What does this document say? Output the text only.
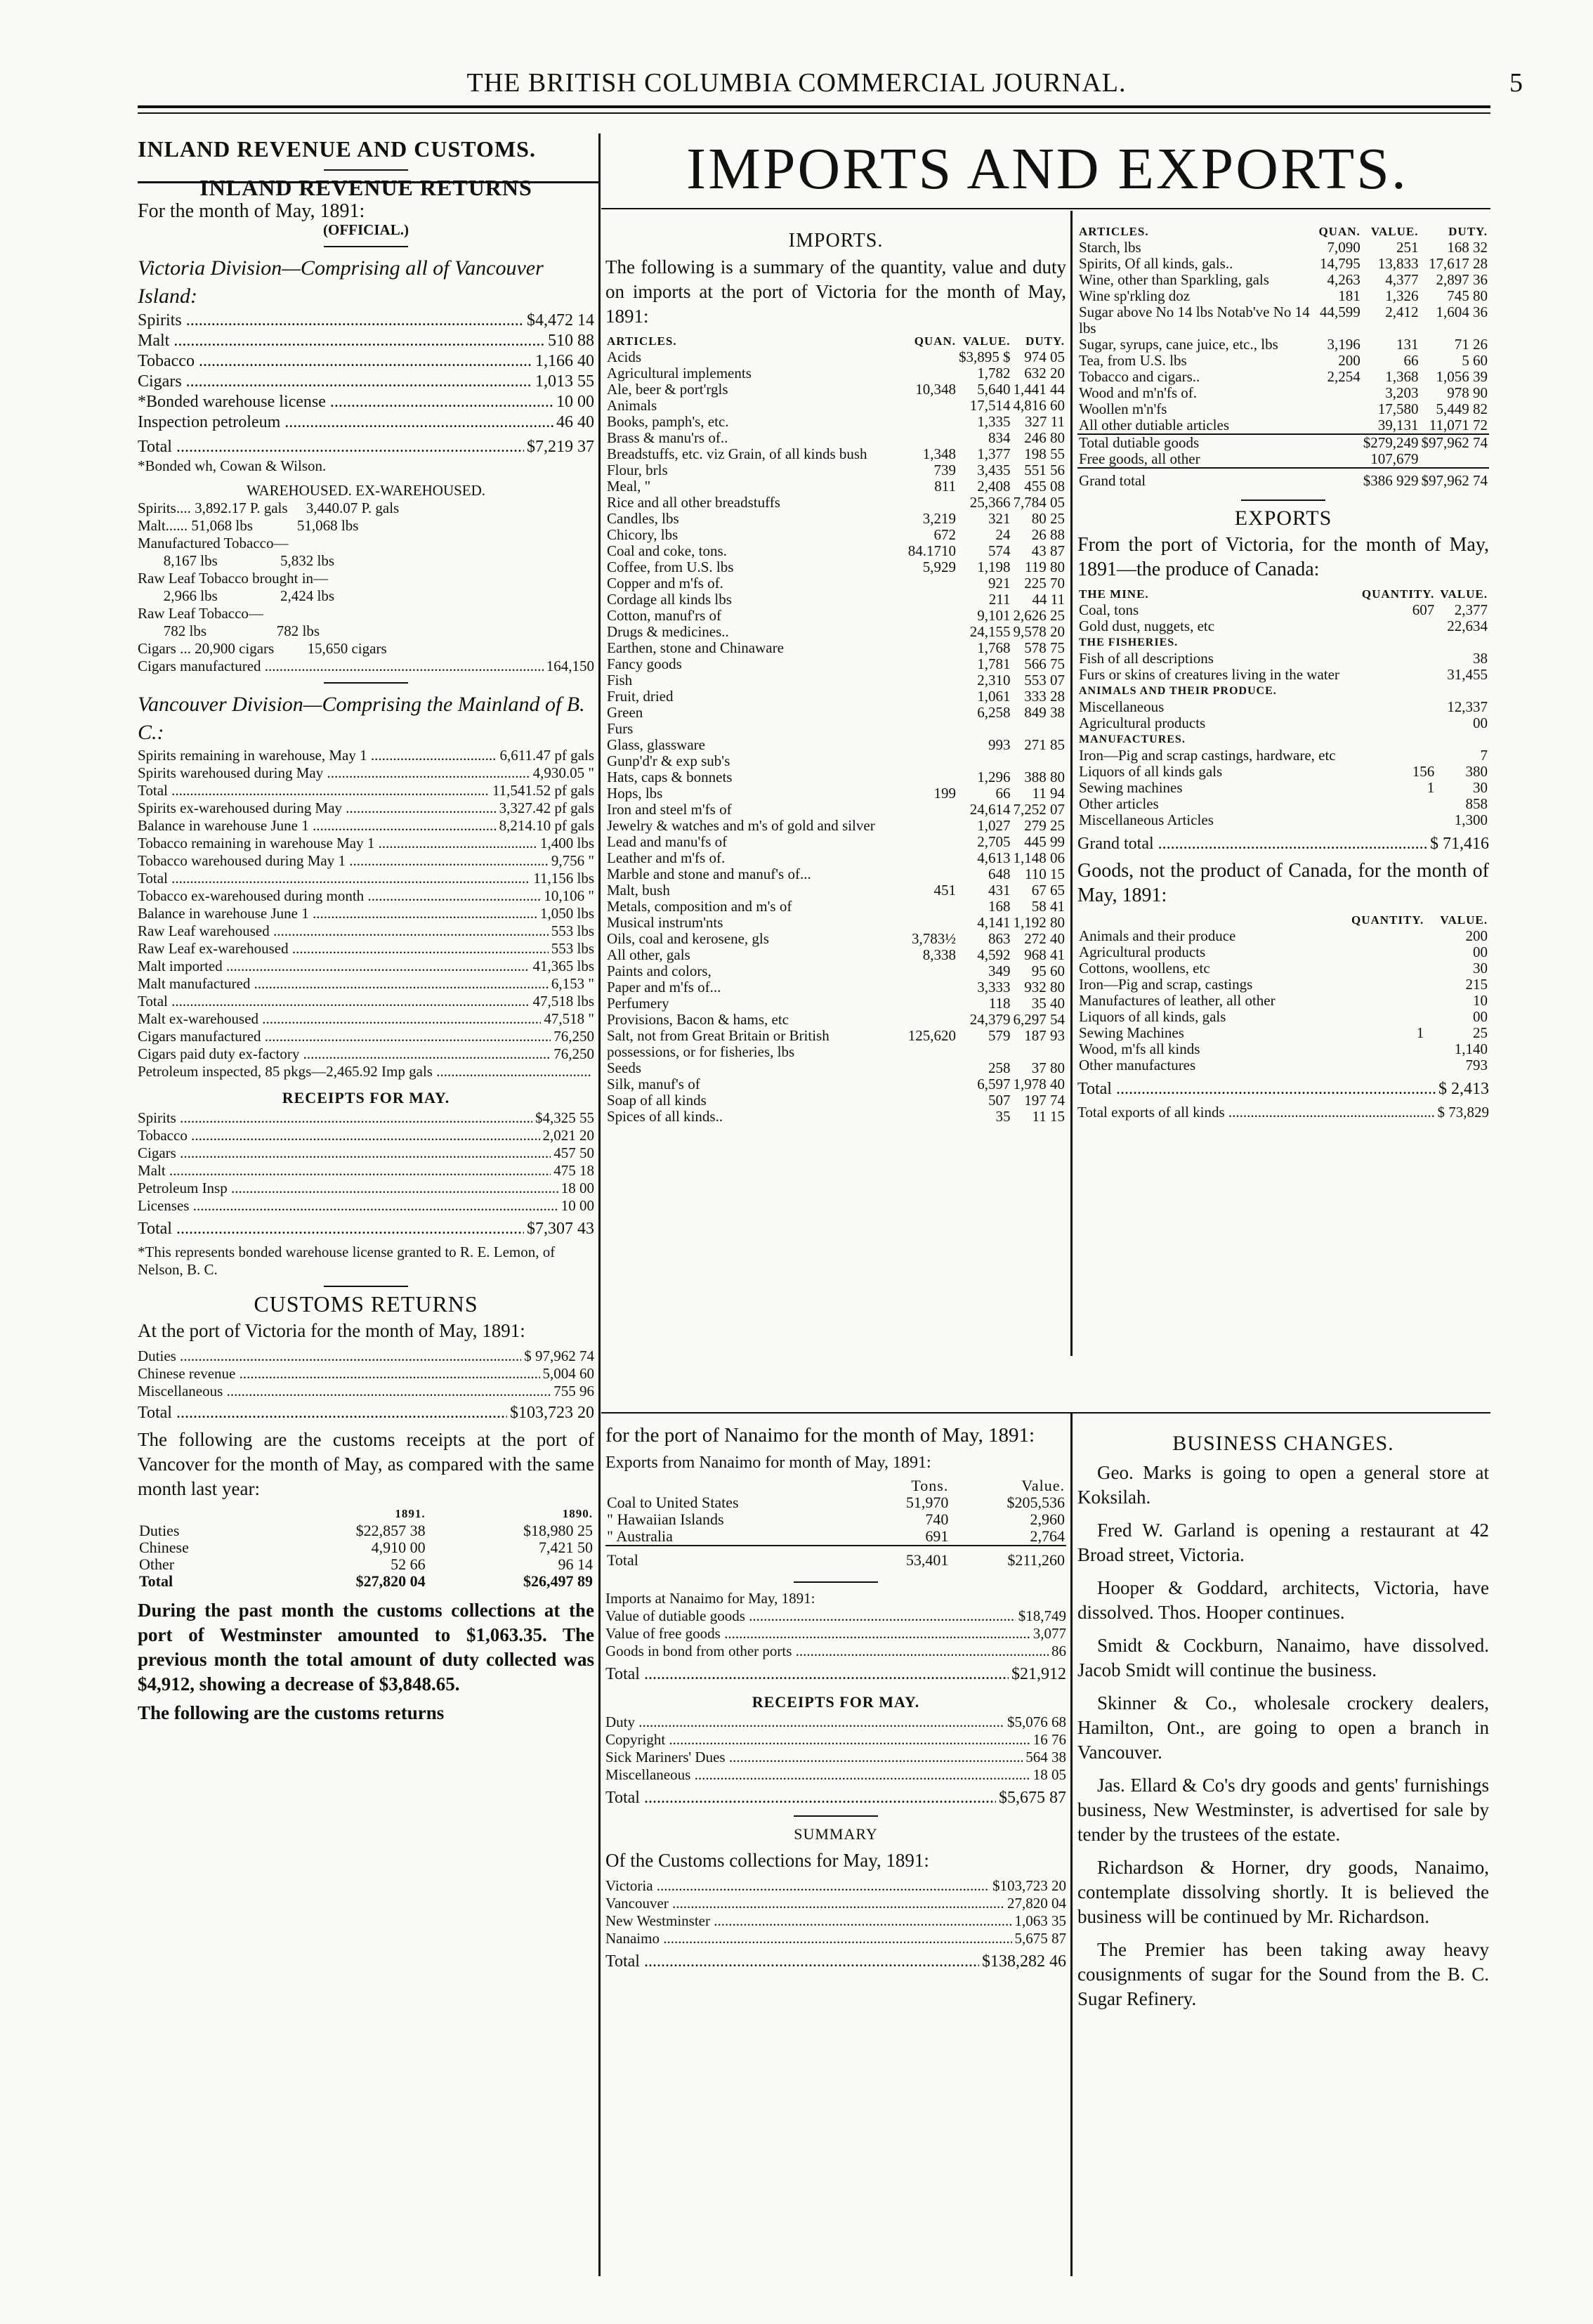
THE BRITISH COLUMBIA COMMERCIAL JOURNAL.	5
IMPORTS AND EXPORTS.
INLAND REVENUE AND CUSTOMS.
INLAND REVENUE RETURNS
For the month of May, 1891:
(OFFICIAL.)
Victoria Division—Comprising all of Vancouver Island:
Spirits .....	$4,472 14
Malt .....	510 88
Tobacco .....	1,166 40
Cigars .....	1,013 55
*Bonded warehouse license .....	10 00
Inspection petroleum .....	46 40
Total .....	$7,219 37
*Bonded wh, Cowan & Wilson.
WAREHOUSED. EX-WAREHOUSED.
Spirits.... 3,892.17 P. gals     3,440.07 P. gals
Malt...... 51,068 lbs            51,068 lbs
Manufactured Tobacco—
8,167 lbs                 5,832 lbs
Raw Leaf Tobacco brought in—
2,966 lbs                 2,424 lbs
Raw Leaf Tobacco—
782 lbs                   782 lbs
Cigars ... 20,900 cigars         15,650 cigars
Cigars manufactured .....	164,150
Vancouver Division—Comprising the Mainland of B. C.:
Spirits remaining in warehouse, May 1 .....	6,611.47 pf gals
Spirits warehoused during May .....	4,930.05 "
Total .....	11,541.52 pf gals
Spirits ex-warehoused during May .....	3,327.42 pf gals
Balance in warehouse June 1 .....	8,214.10 pf gals
Tobacco remaining in warehouse May 1 .....	1,400 lbs
Tobacco warehoused during May 1 .....	9,756 "
Total .....	11,156 lbs
Tobacco ex-warehoused during month .....	10,106 "
Balance in warehouse June 1 .....	1,050 lbs
Raw Leaf warehoused .....	553 lbs
Raw Leaf ex-warehoused .....	553 lbs
Malt imported .....	41,365 lbs
Malt manufactured .....	6,153 "
Total .....	47,518 lbs
Malt ex-warehoused .....	47,518 "
Cigars manufactured .....	76,250
Cigars paid duty ex-factory .....	76,250
Petroleum inspected, 85 pkgs—2,465.92 Imp gals .....
RECEIPTS FOR MAY.
Spirits .....	$4,325 55
Tobacco .....	2,021 20
Cigars .....	457 50
Malt .....	475 18
Petroleum Insp .....	18 00
Licenses .....	10 00
Total .....	$7,307 43
*This represents bonded warehouse license granted to R. E. Lemon, of Nelson, B. C.
CUSTOMS RETURNS

At the port of Victoria for the month of May, 1891:

Duties .....	$ 97,962 74
Chinese revenue .....	5,004 60
Miscellaneous .....	755 96
Total .....	$103,723 20

The following are the customs receipts at the port of Vancover for the month of May, as compared with the same month last year:

	1891.	1890.
Duties	$22,857 38	$18,980 25
Chinese	4,910 00	7,421 50
Other	52 66	96 14
Total	$27,820 04	$26,497 89

During the past month the customs collections at the port of Westminster amounted to $1,063.35. The previous month the total amount of duty collected was $4,912, showing a decrease of $3,848.65.

The following are the customs returns

IMPORTS.

The following is a summary of the quantity, value and duty on imports at the port of Victoria for the month of May, 1891:

ARTICLES.	QUAN.	VALUE.	DUTY.
Acids		$3,895 $	974 05
Agricultural implements		1,782	632 20
Ale, beer & port'rgls	10,348	5,640	1,441 44
Animals		17,514	4,816 60
Books, pamph's, etc.		1,335	327 11
Brass & manu'rs of..		834	246 80
Breadstuffs, etc. viz Grain, of all kinds bush	1,348	1,377	198 55
Flour, brls	739	3,435	551 56
Meal, "	811	2,408	455 08
Rice and all other breadstuffs		25,366	7,784 05
Candles, lbs	3,219	321	80 25
Chicory, lbs	672	24	26 88
Coal and coke, tons.	84.1710	574	43 87
Coffee, from U.S. lbs	5,929	1,198	119 80
Copper and m'fs of.		921	225 70
Cordage all kinds lbs		211	44 11
Cotton, manuf'rs of		9,101	2,626 25
Drugs & medicines..		24,155	9,578 20
Earthen, stone and Chinaware		1,768	578 75
Fancy goods		1,781	566 75
Fish		2,310	553 07
Fruit, dried		1,061	333 28
Green		6,258	849 38
Furs			
Glass, glassware		993	271 85
Gunp'd'r & exp sub's			
Hats, caps & bonnets		1,296	388 80
Hops, lbs	199	66	11 94
Iron and steel m'fs of		24,614	7,252 07
Jewelry & watches and m's of gold and silver		1,027	279 25
Lead and manu'fs of		2,705	445 99
Leather and m'fs of.		4,613	1,148 06
Marble and stone and manuf's of...		648	110 15
Malt, bush	451	431	67 65
Metals, composition and m's of		168	58 41
Musical instrum'nts		4,141	1,192 80
Oils, coal and kerosene, gls	3,783½	863	272 40
All other, gals	8,338	4,592	968 41
Paints and colors,		349	95 60
Paper and m'fs of...		3,333	932 80
Perfumery		118	35 40
Provisions, Bacon & hams, etc		24,379	6,297 54
Salt, not from Great Britain or British possessions, or for fisheries, lbs	125,620	579	187 93
Seeds		258	37 80
Silk, manuf's of		6,597	1,978 40
Soap of all kinds		507	197 74
Spices of all kinds..		35	11 15
ARTICLES.	QUAN.	VALUE.	DUTY.
Starch, lbs	7,090	251	168 32
Spirits, Of all kinds, gals..	14,795	13,833	17,617 28
Wine, other than Sparkling, gals	4,263	4,377	2,897 36
Wine sp'rkling doz	181	1,326	745 80
Sugar above No 14 lbs Notab've No 14 lbs	44,599	2,412	1,604 36
Sugar, syrups, cane juice, etc., lbs	3,196	131	71 26
Tea, from U.S. lbs	200	66	5 60
Tobacco and cigars..	2,254	1,368	1,056 39
Wood and m'n'fs of.		3,203	978 90
Woollen m'n'fs		17,580	5,449 82
All other dutiable articles		39,131	11,071 72
Total dutiable goods		$279,249	$97,962 74
Free goods, all other		107,679	
Grand total		$386 929	$97,962 74
EXPORTS

From the port of Victoria, for the month of May, 1891—the produce of Canada:

THE MINE.	QUANTITY.	VALUE.
Coal, tons	607	2,377
Gold dust, nuggets, etc		22,634
THE FISHERIES.		
Fish of all descriptions		38
Furs or skins of creatures living in the water		31,455
ANIMALS AND THEIR PRODUCE.		
Miscellaneous		12,337
Agricultural products		00
MANUFACTURES.		
Iron—Pig and scrap castings, hardware, etc		7
Liquors of all kinds gals	156	380
Sewing machines	1	30
Other articles		858
Miscellaneous Articles		1,300
Grand total .....	$ 71,416

Goods, not the product of Canada, for the month of May, 1891:

	QUANTITY.	VALUE.
Animals and their produce		200
Agricultural products		00
Cottons, woollens, etc		30
Iron—Pig and scrap, castings		215
Manufactures of leather, all other		10
Liquors of all kinds, gals		00
Sewing Machines	1	25
Wood, m'fs all kinds		1,140
Other manufactures		793
Total .....	$ 2,413
Total exports of all kinds .....	$ 73,829

for the port of Nanaimo for the month of May, 1891:

Exports from Nanaimo for month of May, 1891:

	Tons.	Value.
Coal to United States	51,970	$205,536
" Hawaiian Islands	740	2,960
" Australia	691	2,764
Total	53,401	$211,260
Imports at Nanaimo for May, 1891:
Value of dutiable goods .....	$18,749
Value of free goods .....	3,077
Goods in bond from other ports .....	86
Total .....	$21,912
RECEIPTS FOR MAY.
Duty .....	$5,076 68
Copyright .....	16 76
Sick Mariners' Dues .....	564 38
Miscellaneous .....	18 05
Total .....	$5,675 87
SUMMARY

Of the Customs collections for May, 1891:

Victoria .....	$103,723 20
Vancouver .....	27,820 04
New Westminster .....	1,063 35
Nanaimo .....	5,675 87
Total .....	$138,282 46
BUSINESS CHANGES.

Geo. Marks is going to open a general store at Koksilah.

Fred W. Garland is opening a restaurant at 42 Broad street, Victoria.

Hooper & Goddard, architects, Victoria, have dissolved. Thos. Hooper continues.

Smidt & Cockburn, Nanaimo, have dissolved. Jacob Smidt will continue the business.

Skinner & Co., wholesale crockery dealers, Hamilton, Ont., are going to open a branch in Vancouver.

Jas. Ellard & Co's dry goods and gents' furnishings business, New Westminster, is advertised for sale by tender by the trustees of the estate.

Richardson & Horner, dry goods, Nanaimo, contemplate dissolving shortly. It is believed the business will be continued by Mr. Richardson.

The Premier has been taking away heavy cousignments of sugar for the Sound from the B. C. Sugar Refinery.
